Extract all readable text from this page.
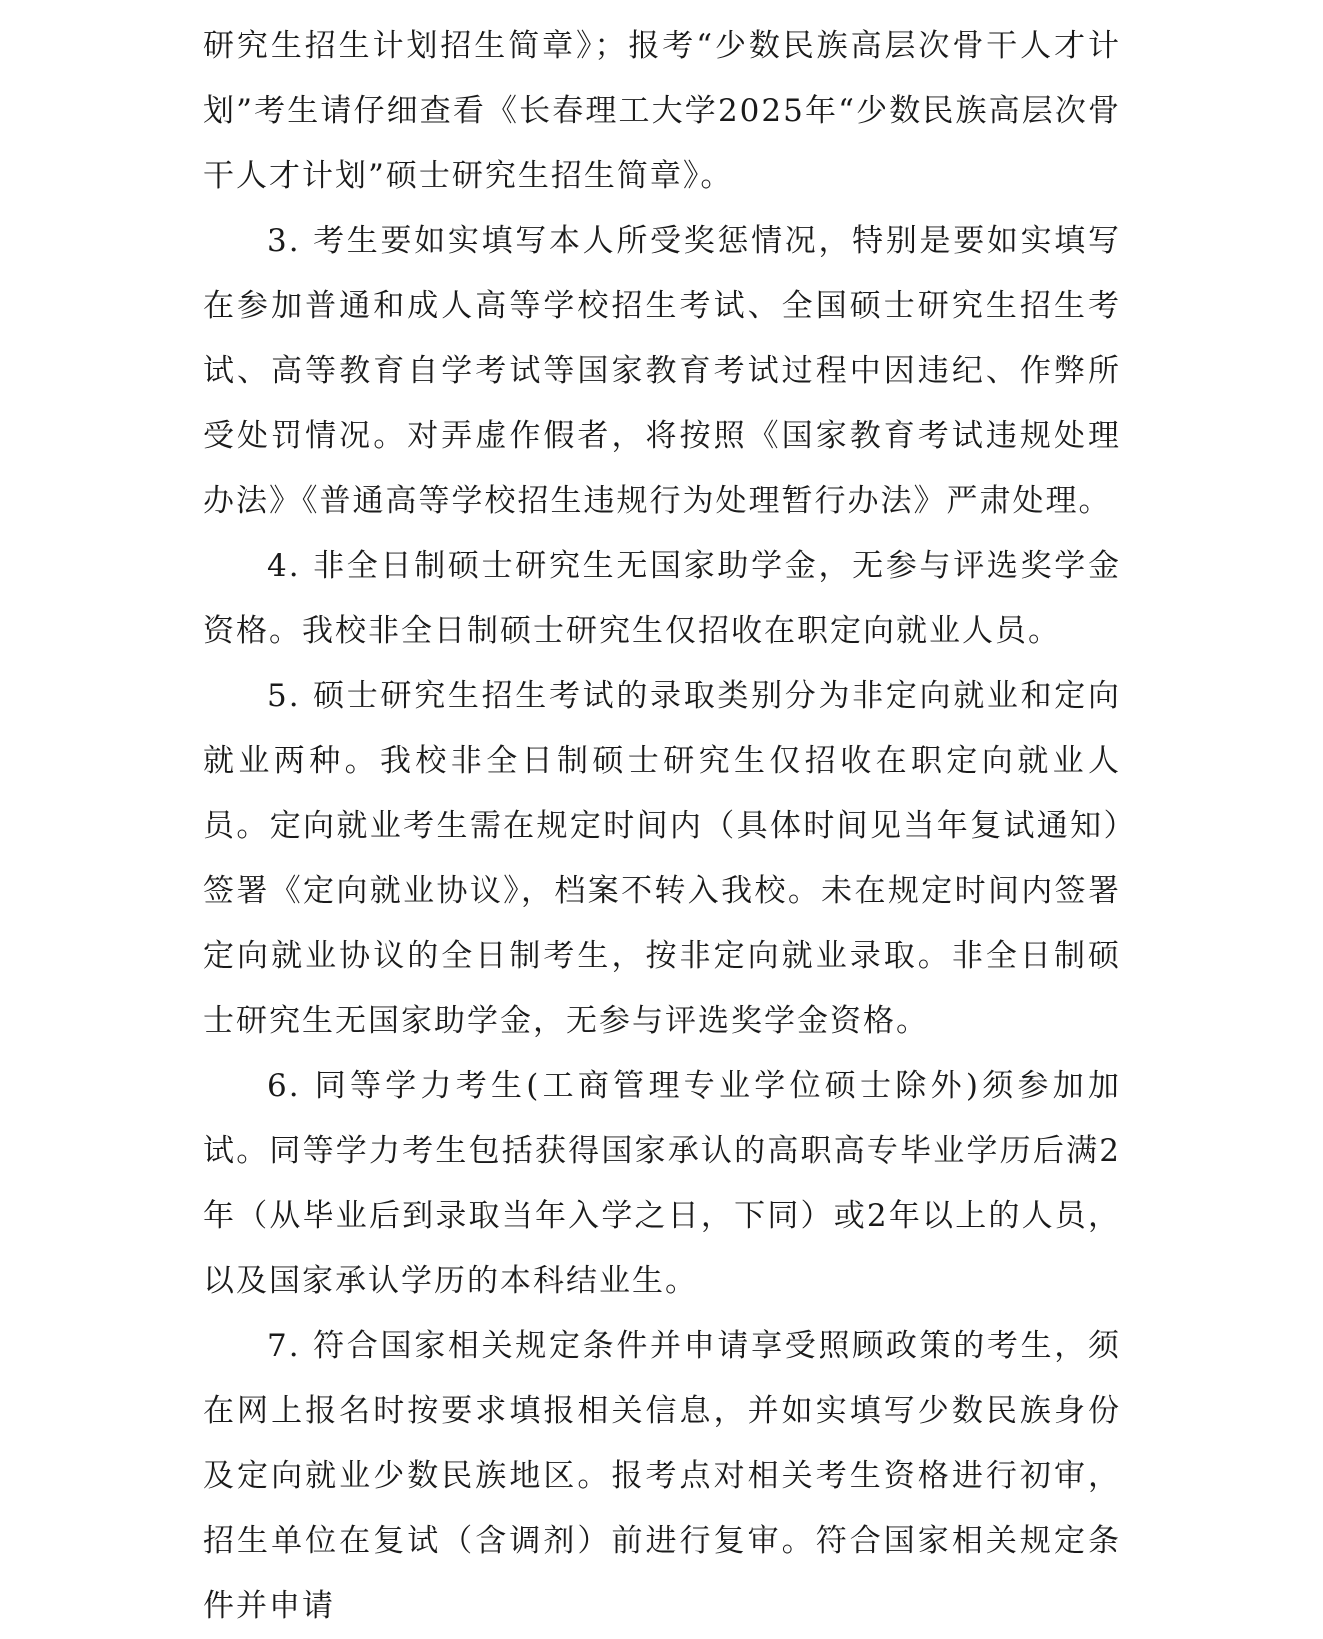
研究生招生计划招生简章》；报考“少数民族高层次骨干人才计划”考生请仔细查看《长春理工大学2025年“少数民族高层次骨干人才计划”硕士研究生招生简章》。

3. 考生要如实填写本人所受奖惩情况，特别是要如实填写在参加普通和成人高等学校招生考试、全国硕士研究生招生考试、高等教育自学考试等国家教育考试过程中因违纪、作弊所受处罚情况。对弄虚作假者，将按照《国家教育考试违规处理办法》《普通高等学校招生违规行为处理暂行办法》严肃处理。

4. 非全日制硕士研究生无国家助学金，无参与评选奖学金资格。我校非全日制硕士研究生仅招收在职定向就业人员。

5. 硕士研究生招生考试的录取类别分为非定向就业和定向就业两种。我校非全日制硕士研究生仅招收在职定向就业人员。定向就业考生需在规定时间内（具体时间见当年复试通知）签署《定向就业协议》，档案不转入我校。未在规定时间内签署定向就业协议的全日制考生，按非定向就业录取。非全日制硕士研究生无国家助学金，无参与评选奖学金资格。

6. 同等学力考生(工商管理专业学位硕士除外)须参加加试。同等学力考生包括获得国家承认的高职高专毕业学历后满2年（从毕业后到录取当年入学之日，下同）或2年以上的人员，以及国家承认学历的本科结业生。

7. 符合国家相关规定条件并申请享受照顾政策的考生，须在网上报名时按要求填报相关信息，并如实填写少数民族身份及定向就业少数民族地区。报考点对相关考生资格进行初审，招生单位在复试（含调剂）前进行复审。符合国家相关规定条件并申请
